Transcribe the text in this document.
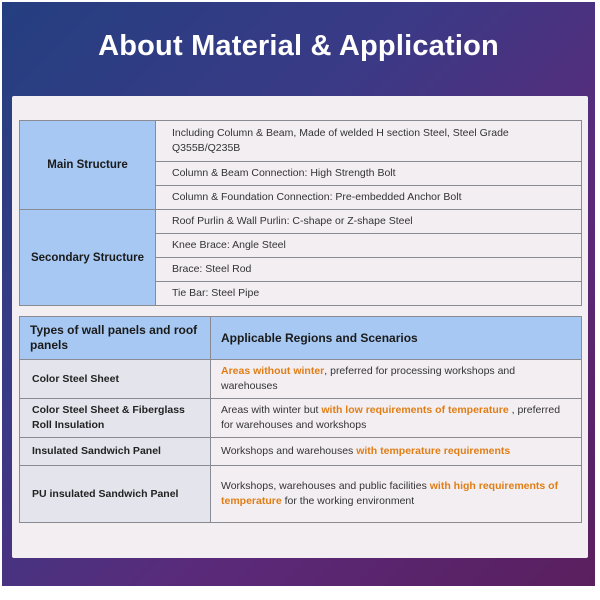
About Material & Application
Main Structure	Including Column & Beam, Made of welded H section Steel, Steel Grade Q355B/Q235B
	Column & Beam Connection: High Strength Bolt
	Column & Foundation Connection: Pre-embedded Anchor Bolt
Secondary Structure	Roof Purlin & Wall Purlin: C-shape or Z-shape Steel
	Knee Brace: Angle Steel
	Brace: Steel Rod
	Tie Bar: Steel Pipe
Types of wall panels and roof panels	Applicable Regions and Scenarios
Color Steel Sheet	Areas without winter, preferred for processing workshops and warehouses
Color Steel Sheet & Fiberglass Roll Insulation	Areas with winter but with low requirements of temperature , preferred for warehouses and workshops
Insulated Sandwich Panel	Workshops and warehouses with temperature requirements
PU insulated Sandwich Panel	Workshops, warehouses and public facilities with high requirements of temperature for the working environment
